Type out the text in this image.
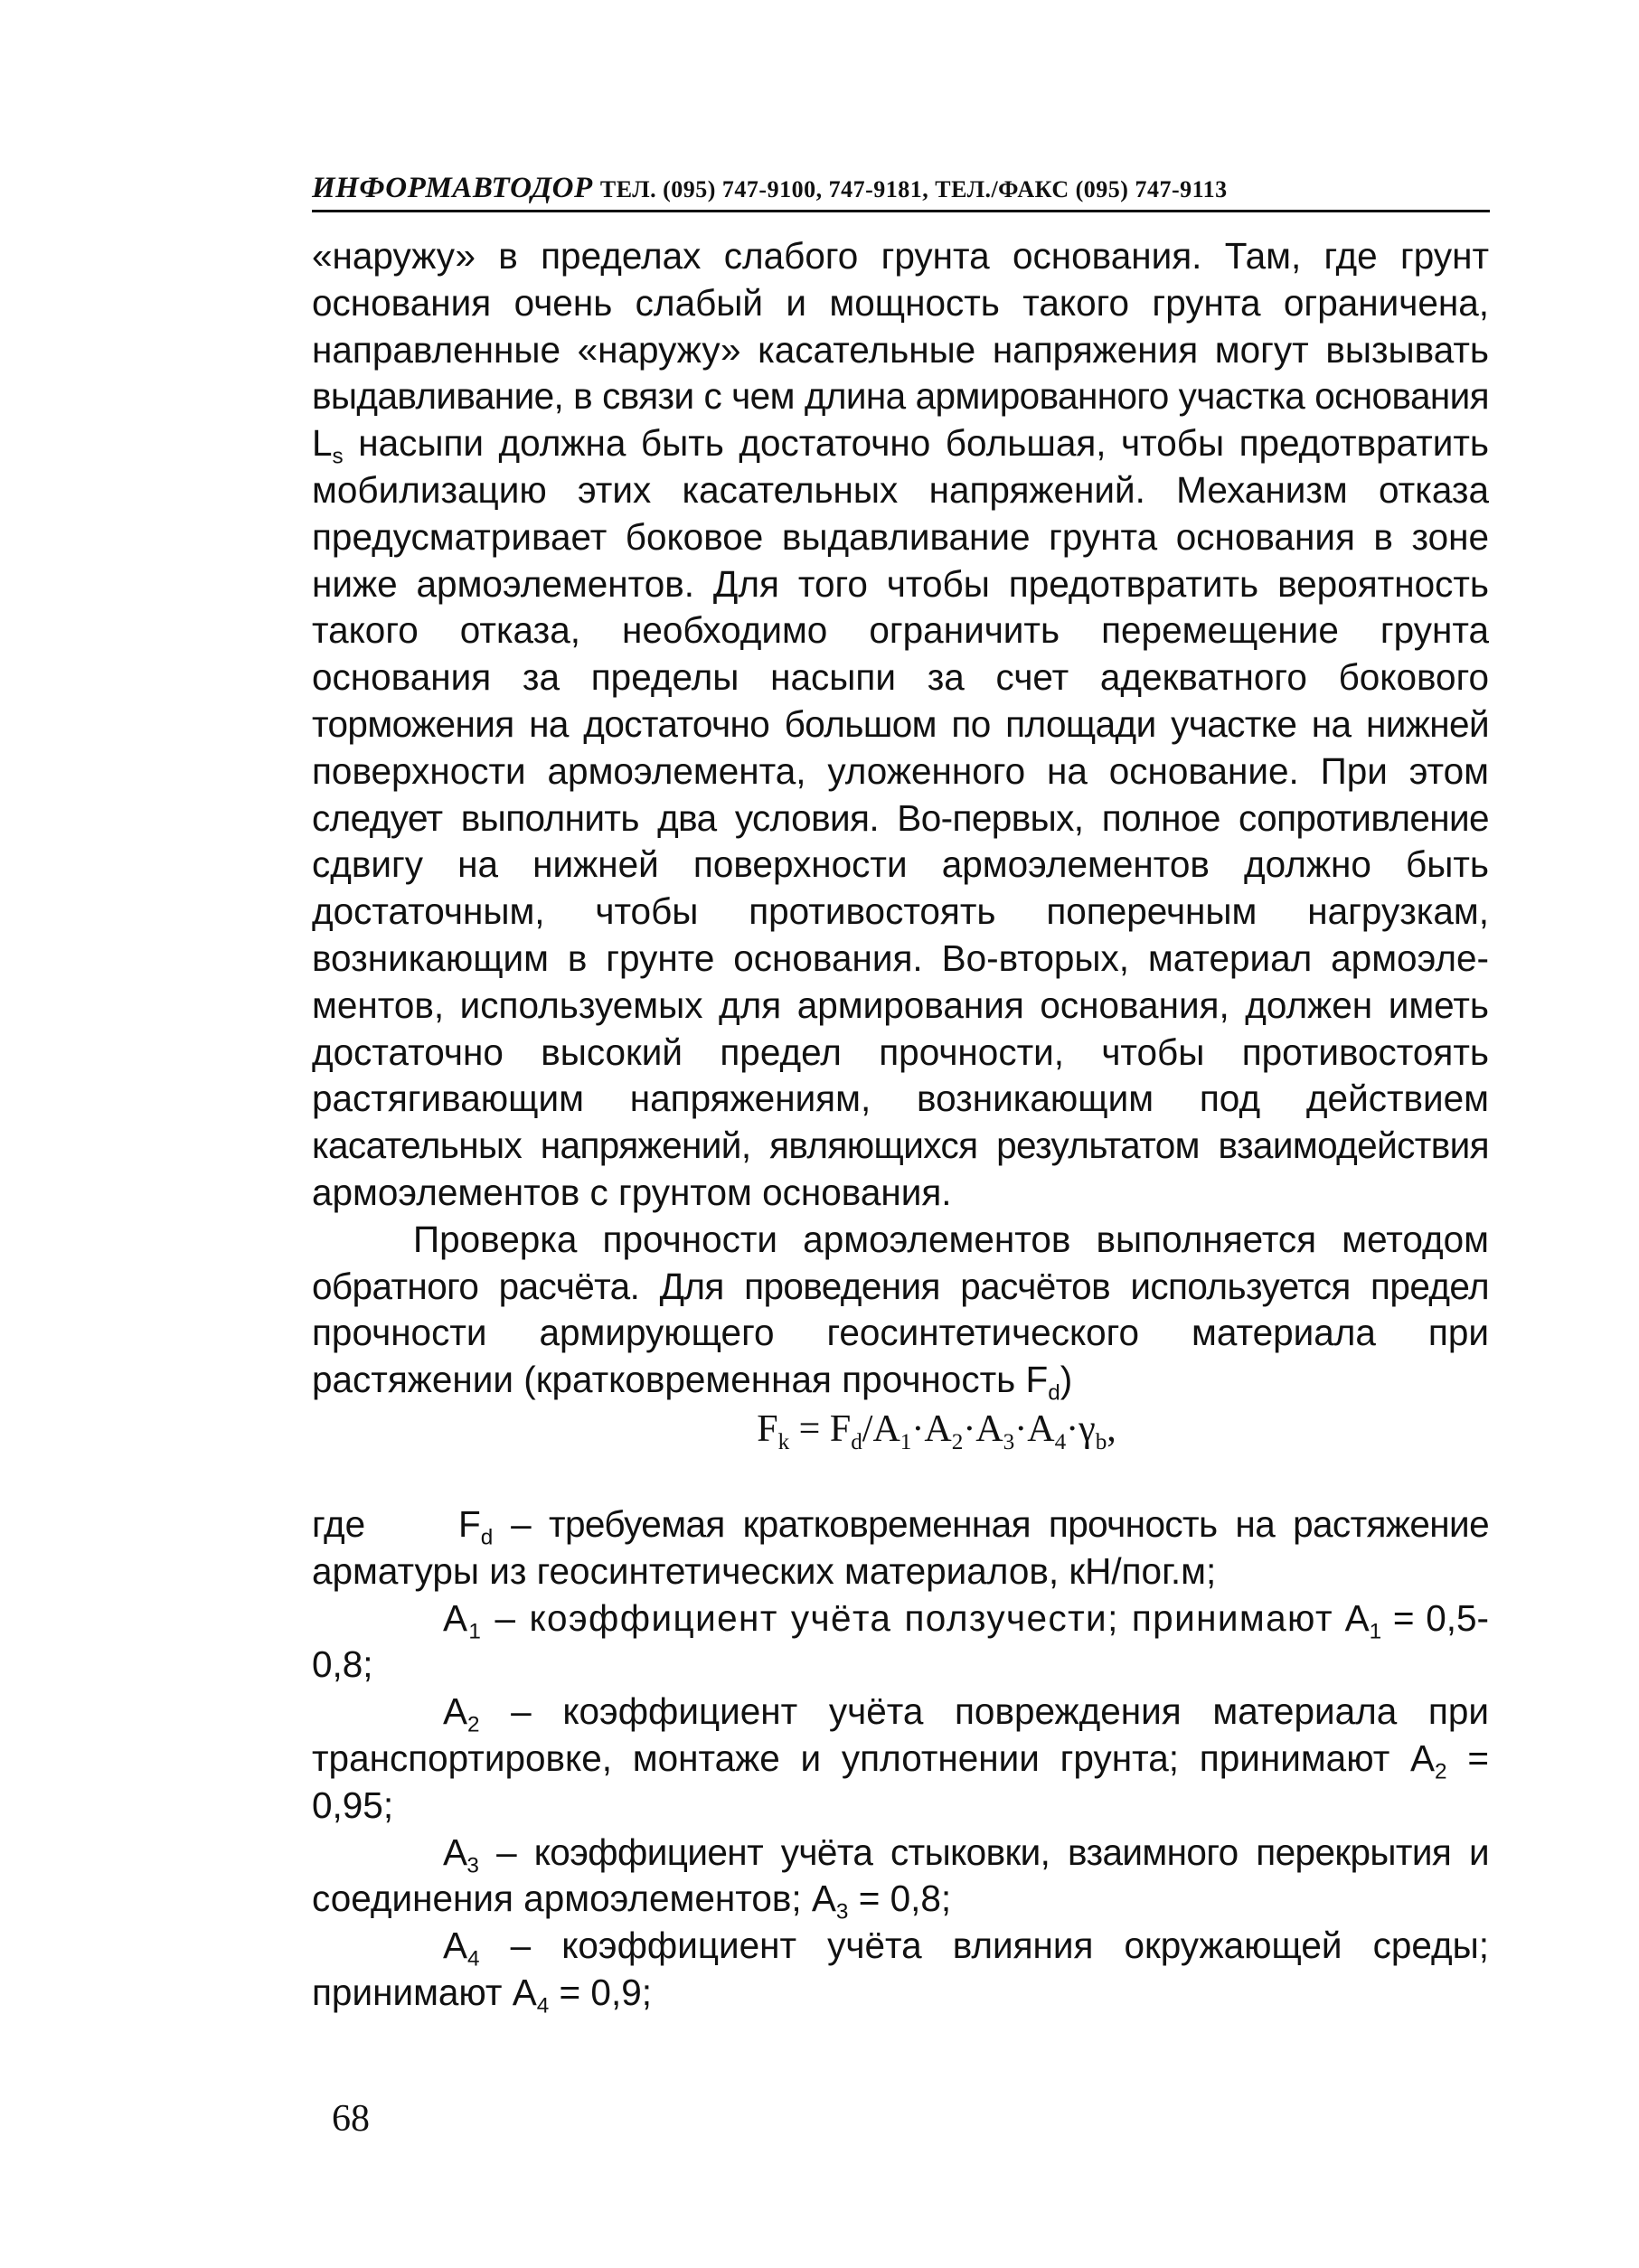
ИНФОРМАВТОДОР ТЕЛ. (095) 747-9100, 747-9181, ТЕЛ./ФАКС (095) 747-9113

«наружу» в пределах слабого грунта основания. Там, где грунт основания очень слабый и мощность такого грунта ограничена, направленные «наружу» касательные напряжения могут вызывать выдавливание, в связи с чем длина армированного участка основания $L_s$ насыпи должна быть достаточно большая, чтобы предотвратить мобилизацию этих касательных напряжений. Механизм отказа предусматривает боковое выдавливание грунта основания в зоне ниже армоэлементов. Для того чтобы предотвратить вероятность такого отказа, необходимо ограничить перемещение грунта основания за пределы насыпи за счет адекватного бокового торможения на достаточно большом по площади участке на нижней поверхности армоэлемента, уложенного на основание. При этом следует выполнить два условия. Во-первых, полное сопротивление сдвигу на нижней поверхности армоэлементов должно быть достаточным, чтобы противостоять поперечным нагрузкам, возникающим в грунте основания. Во-вторых, материал армоэле- ментов, используемых для армирования основания, должен иметь достаточно высокий предел прочности, чтобы противостоять растягивающим напряжениям, возникающим под действием касательных напряжений, являющихся результатом взаимодействия армоэлементов с грунтом основания.

Проверка прочности армоэлементов выполняется методом обратного расчёта. Для проведения расчётов используется предел прочности армирующего геосинтетического материала при растяжении (кратковременная прочность $F_d$)

$F_k = F_d/A_1\cdot A_2\cdot A_3\cdot A_4\cdot\gamma_b$,

где	$F_d$ – требуемая кратковременная прочность на растяжение арматуры из геосинтетических материалов, кН/пог.м;

$A_1$ – коэффициент учёта ползучести; принимают $A_1 = 0,5-0,8$;

$A_2$ – коэффициент учёта повреждения материала при транспортировке, монтаже и уплотнении грунта; принимают $A_2 = 0,95$;

$A_3$ – коэффициент учёта стыковки, взаимного перекрытия и соединения армоэлементов; $A_3 = 0,8$;

$A_4$ – коэффициент учёта влияния окружающей среды; принимают $A_4 = 0,9$;

68
